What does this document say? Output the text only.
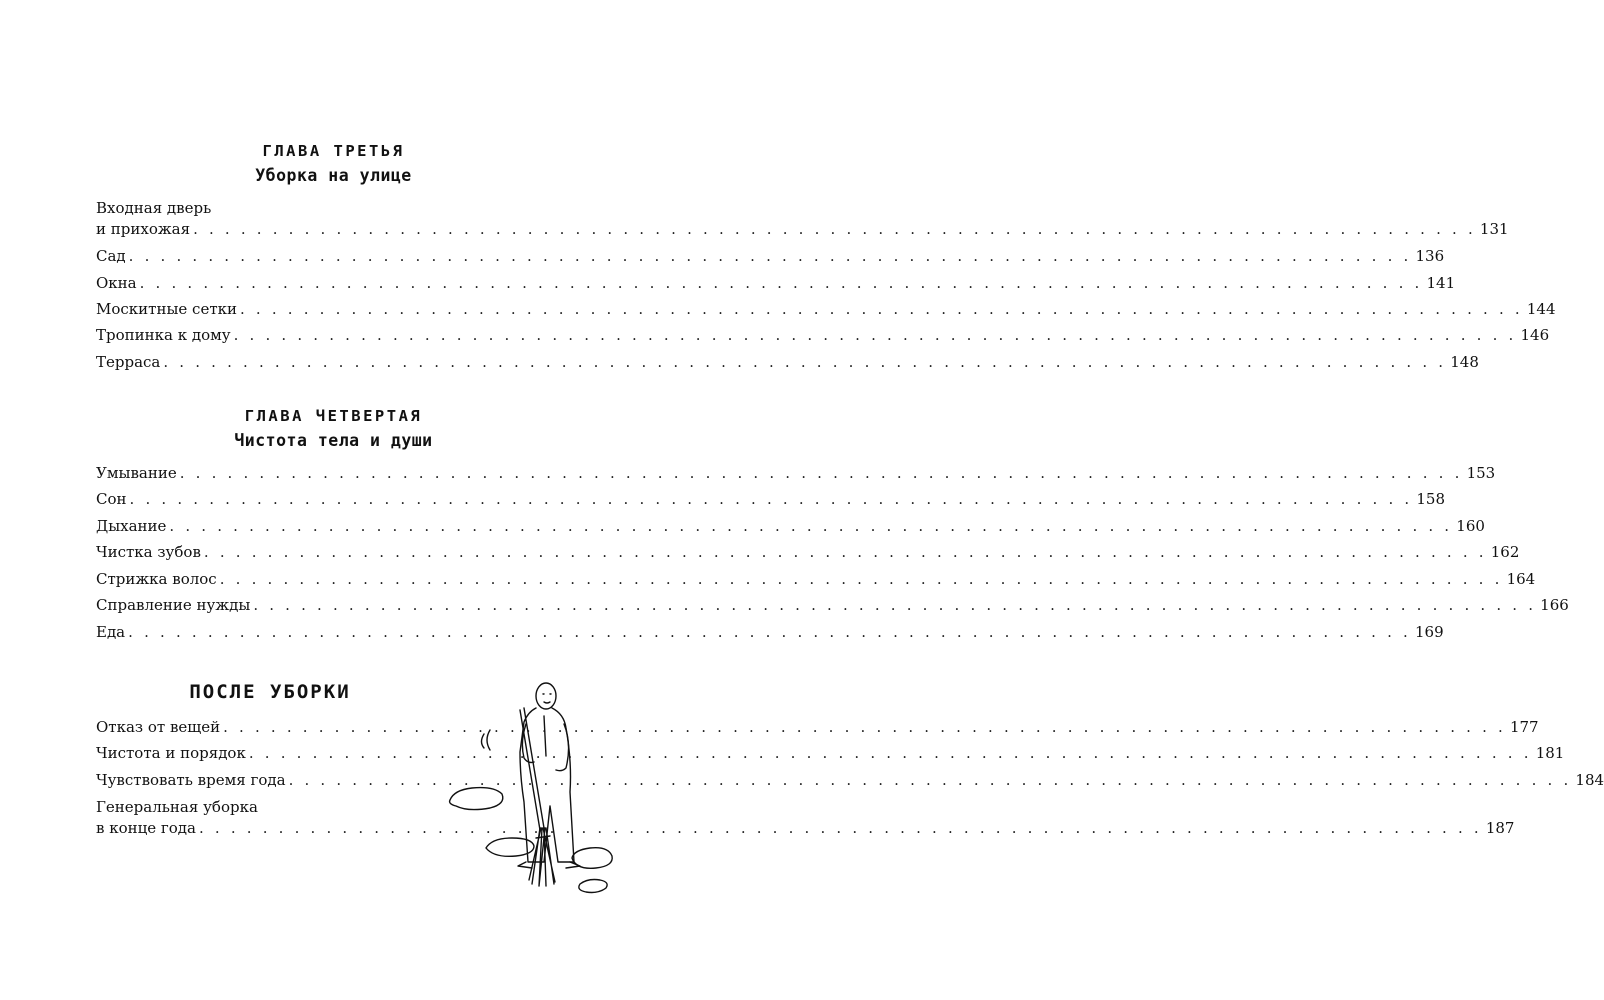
ГЛАВА ТРЕТЬЯ
Уборка на улице
Входная дверь
и прихожая . . . . . . . . . . . . . . . . . . . . . . . . . . . . . . . . . . . . . . . . . . . . . . . . . . . . . . . . . . . . . . . . . . . . . . . . . . . . . . . . . 131
Сад . . . . . . . . . . . . . . . . . . . . . . . . . . . . . . . . . . . . . . . . . . . . . . . . . . . . . . . . . . . . . . . . . . . . . . . . . . . . . . . . . 136
Окна . . . . . . . . . . . . . . . . . . . . . . . . . . . . . . . . . . . . . . . . . . . . . . . . . . . . . . . . . . . . . . . . . . . . . . . . . . . . . . . . . 141
Москитные сетки . . . . . . . . . . . . . . . . . . . . . . . . . . . . . . . . . . . . . . . . . . . . . . . . . . . . . . . . . . . . . . . . . . . . . . . . . . . . . . . . . 144
Тропинка к дому . . . . . . . . . . . . . . . . . . . . . . . . . . . . . . . . . . . . . . . . . . . . . . . . . . . . . . . . . . . . . . . . . . . . . . . . . . . . . . . . . 146
Терраса . . . . . . . . . . . . . . . . . . . . . . . . . . . . . . . . . . . . . . . . . . . . . . . . . . . . . . . . . . . . . . . . . . . . . . . . . . . . . . . . . 148
ГЛАВА ЧЕТВЕРТАЯ
Чистота тела и души
Умывание . . . . . . . . . . . . . . . . . . . . . . . . . . . . . . . . . . . . . . . . . . . . . . . . . . . . . . . . . . . . . . . . . . . . . . . . . . . . . . . . . 153
Сон . . . . . . . . . . . . . . . . . . . . . . . . . . . . . . . . . . . . . . . . . . . . . . . . . . . . . . . . . . . . . . . . . . . . . . . . . . . . . . . . . 158
Дыхание . . . . . . . . . . . . . . . . . . . . . . . . . . . . . . . . . . . . . . . . . . . . . . . . . . . . . . . . . . . . . . . . . . . . . . . . . . . . . . . . . 160
Чистка зубов . . . . . . . . . . . . . . . . . . . . . . . . . . . . . . . . . . . . . . . . . . . . . . . . . . . . . . . . . . . . . . . . . . . . . . . . . . . . . . . . . 162
Стрижка волос . . . . . . . . . . . . . . . . . . . . . . . . . . . . . . . . . . . . . . . . . . . . . . . . . . . . . . . . . . . . . . . . . . . . . . . . . . . . . . . . . 164
Справление нужды . . . . . . . . . . . . . . . . . . . . . . . . . . . . . . . . . . . . . . . . . . . . . . . . . . . . . . . . . . . . . . . . . . . . . . . . . . . . . . . . . 166
Еда . . . . . . . . . . . . . . . . . . . . . . . . . . . . . . . . . . . . . . . . . . . . . . . . . . . . . . . . . . . . . . . . . . . . . . . . . . . . . . . . . 169
ПОСЛЕ УБОРКИ
Отказ от вещей . . . . . . . . . . . . . . . . . . . . . . . . . . . . . . . . . . . . . . . . . . . . . . . . . . . . . . . . . . . . . . . . . . . . . . . . . . . . . . . . . 177
Чистота и порядок . . . . . . . . . . . . . . . . . . . . . . . . . . . . . . . . . . . . . . . . . . . . . . . . . . . . . . . . . . . . . . . . . . . . . . . . . . . . . . . . . 181
Чувствовать время года . . . . . . . . . . . . . . . . . . . . . . . . . . . . . . . . . . . . . . . . . . . . . . . . . . . . . . . . . . . . . . . . . . . . . . . . . . . . . . . . . 184
Генеральная уборка
в конце года . . . . . . . . . . . . . . . . . . . . . . . . . . . . . . . . . . . . . . . . . . . . . . . . . . . . . . . . . . . . . . . . . . . . . . . . . . . . . . . . . 187
